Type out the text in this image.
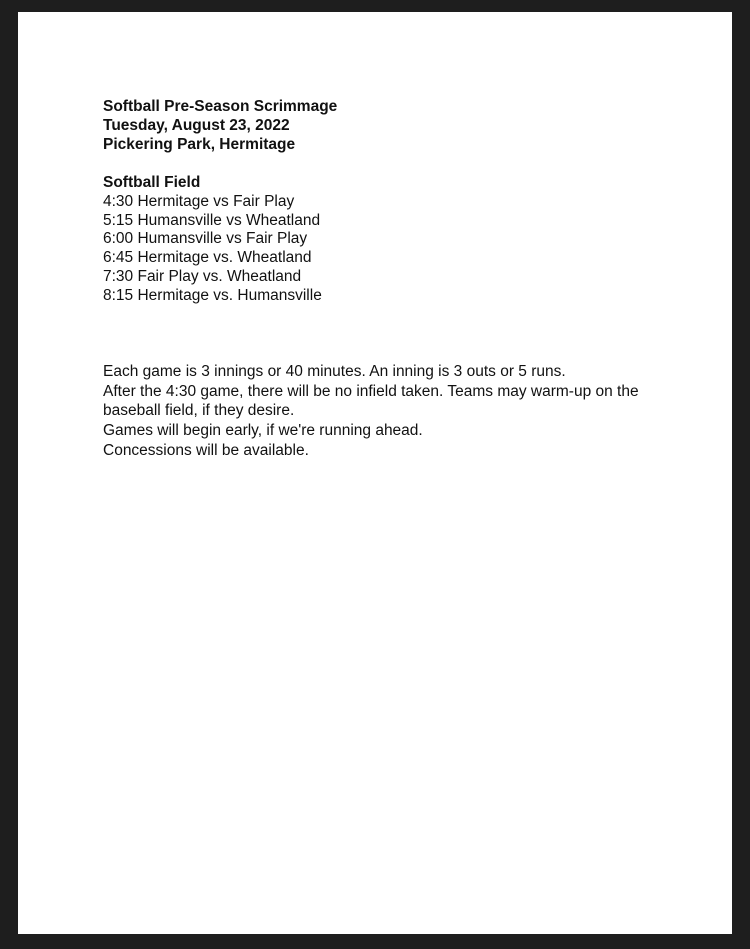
Softball Pre-Season Scrimmage
Tuesday, August 23, 2022
Pickering Park, Hermitage
Softball Field
4:30 Hermitage vs Fair Play
5:15 Humansville vs Wheatland
6:00 Humansville vs Fair Play
6:45 Hermitage vs. Wheatland
7:30 Fair Play vs. Wheatland
8:15 Hermitage vs. Humansville
Each game is 3 innings or 40 minutes. An inning is 3 outs or 5 runs.
After the 4:30 game, there will be no infield taken. Teams may warm-up on the baseball field, if they desire.
Games will begin early, if we're running ahead.
Concessions will be available.
